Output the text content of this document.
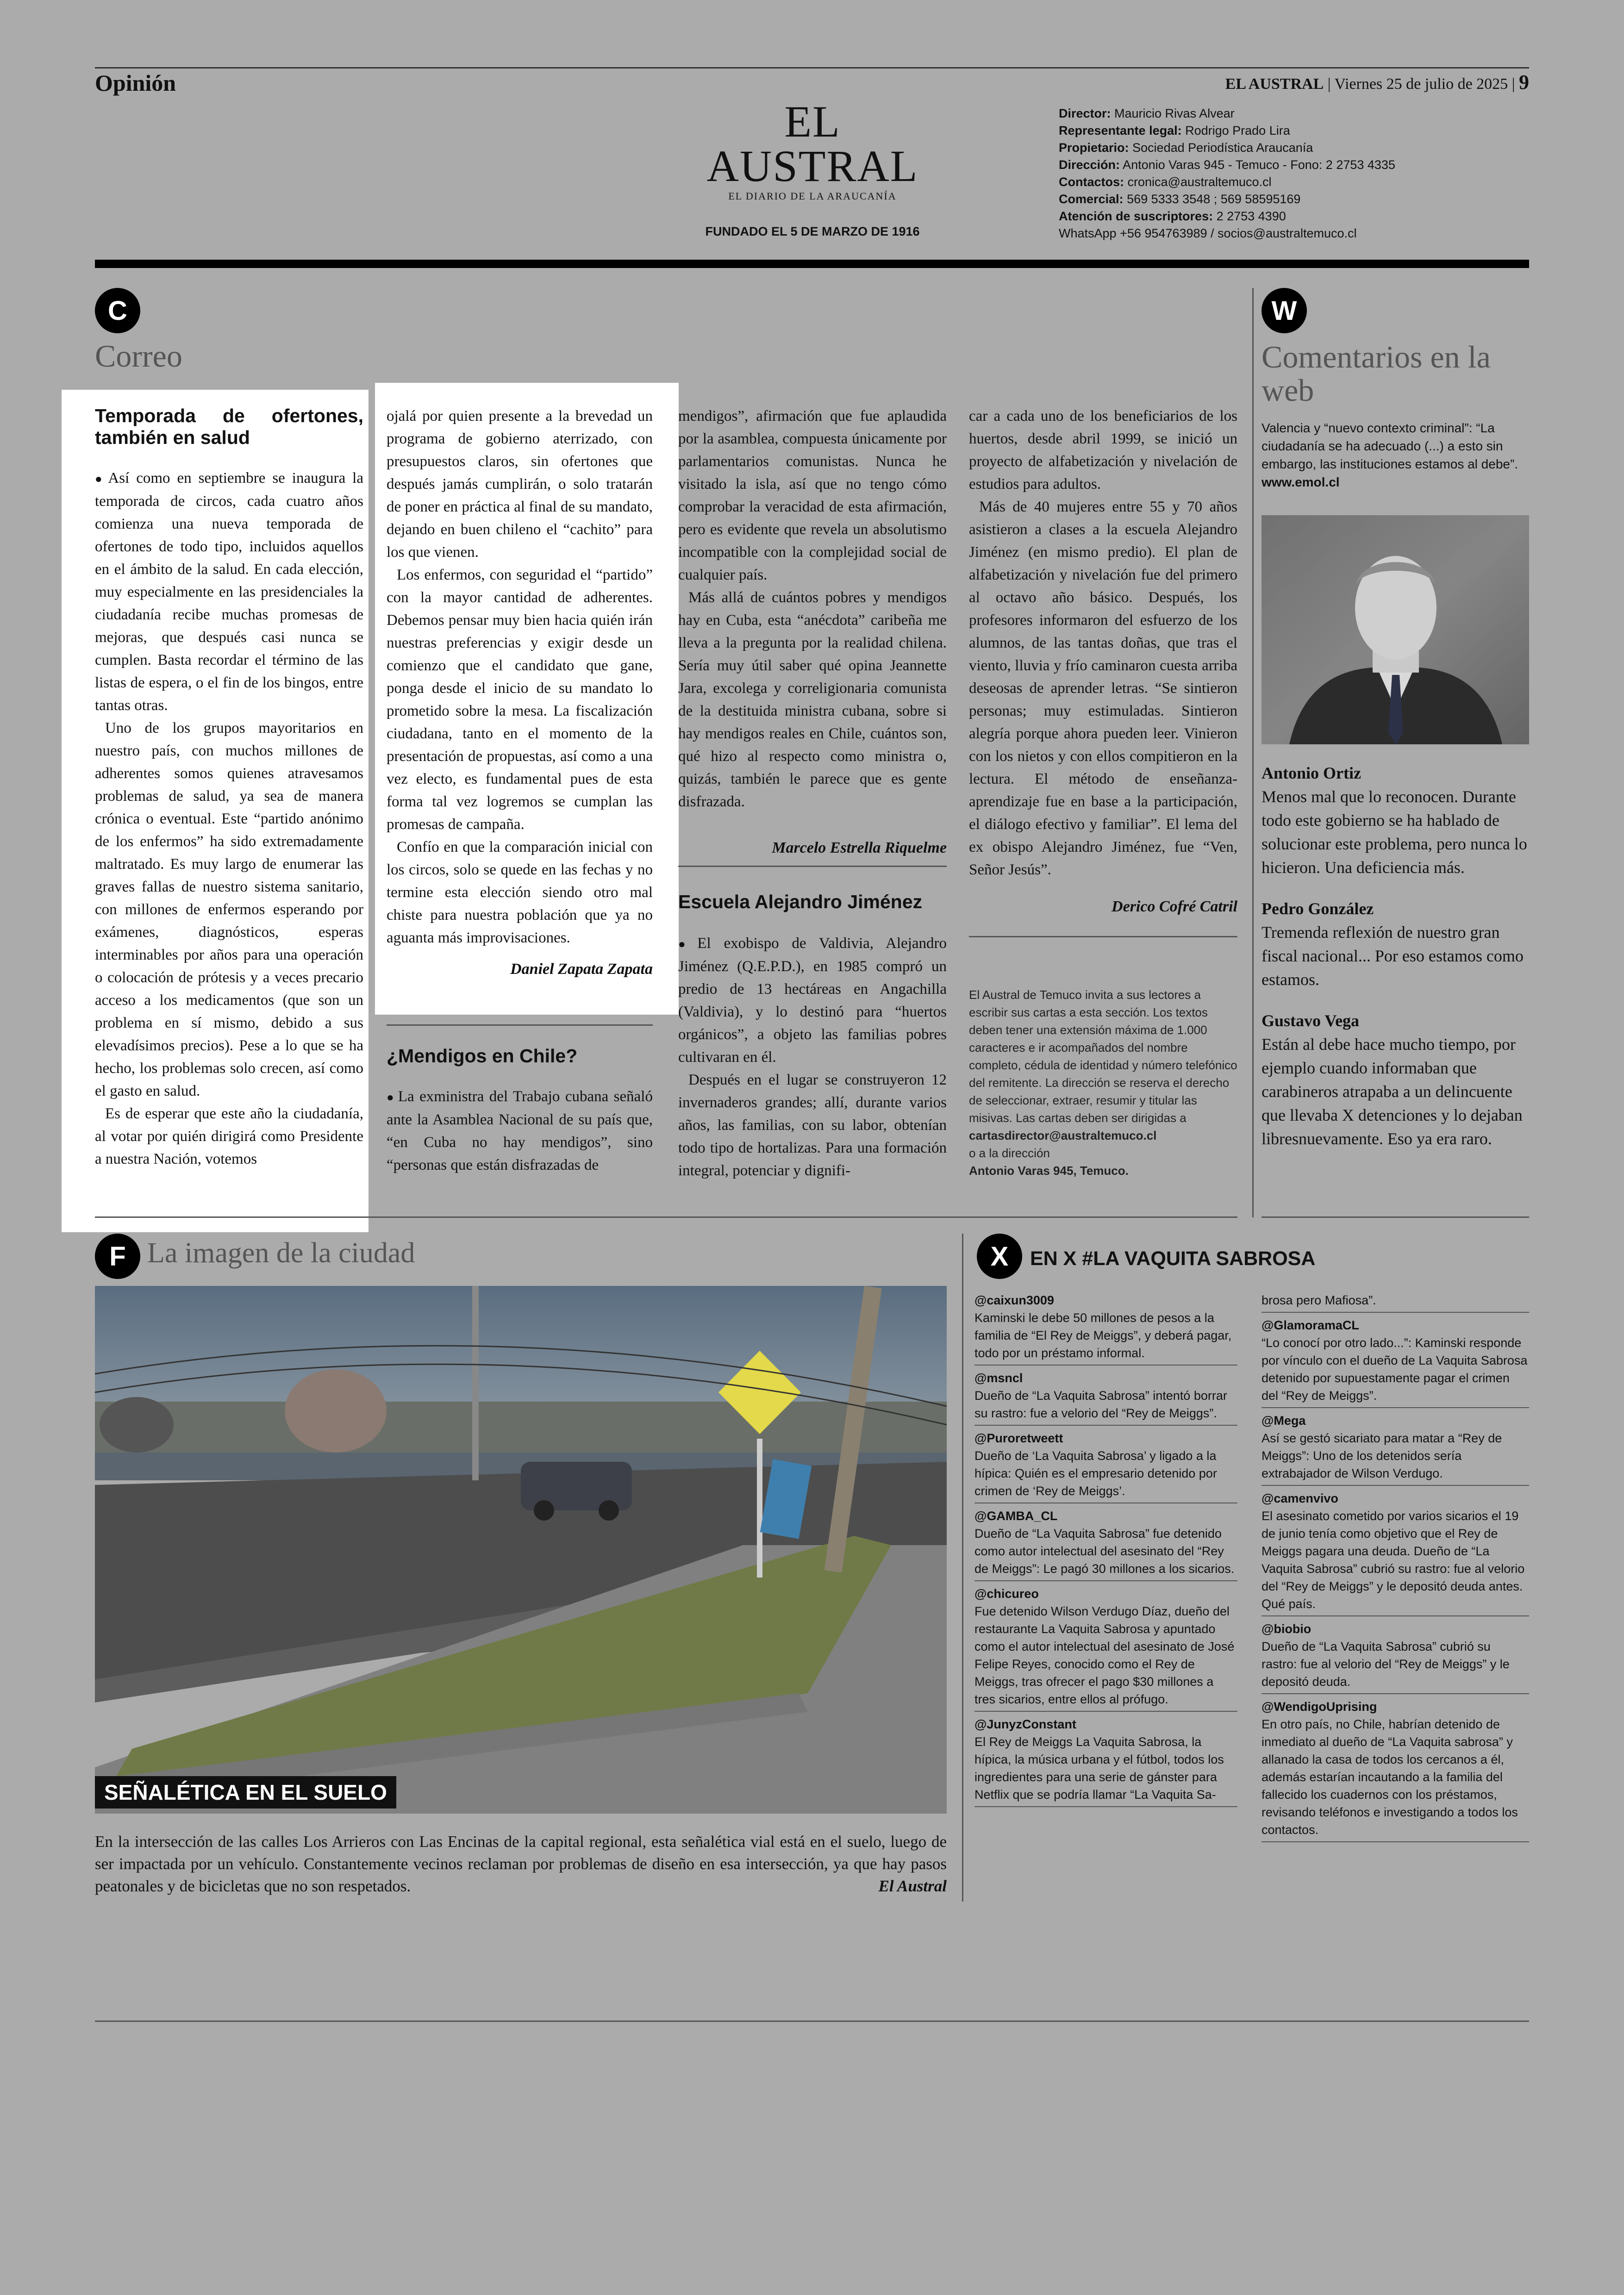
Opinión	EL AUSTRAL | Viernes 25 de julio de 2025 | 9
EL AUSTRAL
EL DIARIO DE LA ARAUCANÍA
FUNDADO EL 5 DE MARZO DE 1916
Director: Mauricio Rivas Alvear
Representante legal: Rodrigo Prado Lira
Propietario: Sociedad Periodística Araucanía
Dirección: Antonio Varas 945 - Temuco - Fono: 2 2753 4335
Contactos: cronica@australtemuco.cl
Comercial: 569 5333 3548 ; 569 58595169
Atención de suscriptores: 2 2753 4390
WhatsApp +56 954763989 / socios@australtemuco.cl
C
Correo
Temporada de ofertones, también en salud

● Así como en septiembre se inaugura la temporada de circos, cada cuatro años comienza una nueva temporada de ofertones de todo tipo, incluidos aquellos en el ámbito de la salud. En cada elección, muy especialmente en las presidenciales la ciudadanía recibe muchas promesas de mejoras, que después casi nunca se cumplen. Basta recordar el término de las listas de espera, o el fin de los bingos, entre tantas otras.

Uno de los grupos mayoritarios en nuestro país, con muchos millones de adherentes somos quienes atravesamos problemas de salud, ya sea de manera crónica o eventual. Este “partido anónimo de los enfermos” ha sido extremadamente maltratado. Es muy largo de enumerar las graves fallas de nuestro sistema sanitario, con millones de enfermos esperando por exámenes, diagnósticos, esperas interminables por años para una operación o colocación de prótesis y a veces precario acceso a los medicamentos (que son un problema en sí mismo, debido a sus elevadísimos precios). Pese a lo que se ha hecho, los problemas solo crecen, así como el gasto en salud.

Es de esperar que este año la ciudadanía, al votar por quién dirigirá como Presidente a nuestra Nación, votemos

ojalá por quien presente a la brevedad un programa de gobierno aterrizado, con presupuestos claros, sin ofertones que después jamás cumplirán, o solo tratarán de poner en práctica al final de su mandato, dejando en buen chileno el “cachito” para los que vienen.

Los enfermos, con seguridad el “partido” con la mayor cantidad de adherentes. Debemos pensar muy bien hacia quién irán nuestras preferencias y exigir desde un comienzo que el candidato que gane, ponga desde el inicio de su mandato lo prometido sobre la mesa. La fiscalización ciudadana, tanto en el momento de la presentación de propuestas, así como a una vez electo, es fundamental pues de esta forma tal vez logremos se cumplan las promesas de campaña.

Confío en que la comparación inicial con los circos, solo se quede en las fechas y no termine esta elección siendo otro mal chiste para nuestra población que ya no aguanta más improvisaciones.

Daniel Zapata Zapata
¿Mendigos en Chile?

● La exministra del Trabajo cubana señaló ante la Asamblea Nacional de su país que, “en Cuba no hay mendigos”, sino “personas que están disfrazadas de

mendigos”, afirmación que fue aplaudida por la asamblea, compuesta únicamente por parlamentarios comunistas. Nunca he visitado la isla, así que no tengo cómo comprobar la veracidad de esta afirmación, pero es evidente que revela un absolutismo incompatible con la complejidad social de cualquier país.

Más allá de cuántos pobres y mendigos hay en Cuba, esta “anécdota” caribeña me lleva a la pregunta por la realidad chilena. Sería muy útil saber qué opina Jeannette Jara, excolega y correligionaria comunista de la destituida ministra cubana, sobre si hay mendigos reales en Chile, cuántos son, qué hizo al respecto como ministra o, quizás, también le parece que es gente disfrazada.

Marcelo Estrella Riquelme
Escuela Alejandro Jiménez

● El exobispo de Valdivia, Alejandro Jiménez (Q.E.P.D.), en 1985 compró un predio de 13 hectáreas en Angachilla (Valdivia), y lo destinó para “huertos orgánicos”, a objeto las familias pobres cultivaran en él.

Después en el lugar se construyeron 12 invernaderos grandes; allí, durante varios años, las familias, con su labor, obtenían todo tipo de hortalizas. Para una formación integral, potenciar y dignifi-

car a cada uno de los beneficiarios de los huertos, desde abril 1999, se inició un proyecto de alfabetización y nivelación de estudios para adultos.

Más de 40 mujeres entre 55 y 70 años asistieron a clases a la escuela Alejandro Jiménez (en mismo predio). El plan de alfabetización y nivelación fue del primero al octavo año básico. Después, los profesores informaron del esfuerzo de los alumnos, de las tantas doñas, que tras el viento, lluvia y frío caminaron cuesta arriba deseosas de aprender letras. “Se sintieron personas; muy estimuladas. Sintieron alegría porque ahora pueden leer. Vinieron con los nietos y con ellos compitieron en la lectura. El método de enseñanza-aprendizaje fue en base a la participación, el diálogo efectivo y familiar”. El lema del ex obispo Alejandro Jiménez, fue “Ven, Señor Jesús”.

Derico Cofré Catril
El Austral de Temuco invita a sus lectores a escribir sus cartas a esta sección. Los textos deben tener una extensión máxima de 1.000 caracteres e ir acompañados del nombre completo, cédula de identidad y número telefónico del remitente. La dirección se reserva el derecho de seleccionar, extraer, resumir y titular las misivas. Las cartas deben ser dirigidas a
cartasdirector@australtemuco.cl
o a la dirección
Antonio Varas 945, Temuco.
W
Comentarios en la web
Valencia y “nuevo contexto criminal”: “La ciudadanía se ha adecuado (...) a esto sin embargo, las instituciones estamos al debe”.
www.emol.cl
Antonio Ortiz
Menos mal que lo reconocen. Durante todo este gobierno se ha hablado de solucionar este problema, pero nunca lo hicieron. Una deficiencia más.
Pedro González
Tremenda reflexión de nuestro gran fiscal nacional... Por eso estamos como estamos.
Gustavo Vega
Están al debe hace mucho tiempo, por ejemplo cuando informaban que carabineros atrapaba a un delincuente que llevaba X detenciones y lo dejaban libresnuevamente. Eso ya era raro.
F La imagen de la ciudad
SEÑALÉTICA EN EL SUELO
En la intersección de las calles Los Arrieros con Las Encinas de la capital regional, esta señalética vial está en el suelo, luego de ser impactada por un vehículo. Constantemente vecinos reclaman por problemas de diseño en esa intersección, ya que hay pasos peatonales y de bicicletas que no son respetados.	El Austral
X	EN X #LA VAQUITA SABROSA
@caixun3009
Kaminski le debe 50 millones de pesos a la familia de “El Rey de Meiggs”, y deberá pagar, todo por un préstamo informal.
@msncl
Dueño de “La Vaquita Sabrosa” intentó borrar su rastro: fue a velorio del “Rey de Meiggs”.
@Puroretweett
Dueño de ‘La Vaquita Sabrosa’ y ligado a la hípica: Quién es el empresario detenido por crimen de ‘Rey de Meiggs’.
@GAMBA_CL
Dueño de “La Vaquita Sabrosa” fue detenido como autor intelectual del asesinato del “Rey de Meiggs”: Le pagó 30 millones a los sicarios.
@chicureo
Fue detenido Wilson Verdugo Díaz, dueño del restaurante La Vaquita Sabrosa y apuntado como el autor intelectual del asesinato de José Felipe Reyes, conocido como el Rey de Meiggs, tras ofrecer el pago $30 millones a tres sicarios, entre ellos al prófugo.
@JunyzConstant
El Rey de Meiggs La Vaquita Sabrosa, la hípica, la música urbana y el fútbol, todos los ingredientes para una serie de gánster para Netflix que se podría llamar “La Vaquita Sa-
brosa pero Mafiosa”.
@GlamoramaCL
“Lo conocí por otro lado...”: Kaminski responde por vínculo con el dueño de La Vaquita Sabrosa detenido por supuestamente pagar el crimen del “Rey de Meiggs”.
@Mega
Así se gestó sicariato para matar a “Rey de Meiggs”: Uno de los detenidos sería extrabajador de Wilson Verdugo.
@camenvivo
El asesinato cometido por varios sicarios el 19 de junio tenía como objetivo que el Rey de Meiggs pagara una deuda. Dueño de “La Vaquita Sabrosa” cubrió su rastro: fue al velorio del “Rey de Meiggs” y le depositó deuda antes. Qué país.
@biobio
Dueño de “La Vaquita Sabrosa” cubrió su rastro: fue al velorio del “Rey de Meiggs” y le depositó deuda.
@WendigoUprising
En otro país, no Chile, habrían detenido de inmediato al dueño de “La Vaquita sabrosa” y allanado la casa de todos los cercanos a él, además estarían incautando a la familia del fallecido los cuadernos con los préstamos, revisando teléfonos e investigando a todos los contactos.
